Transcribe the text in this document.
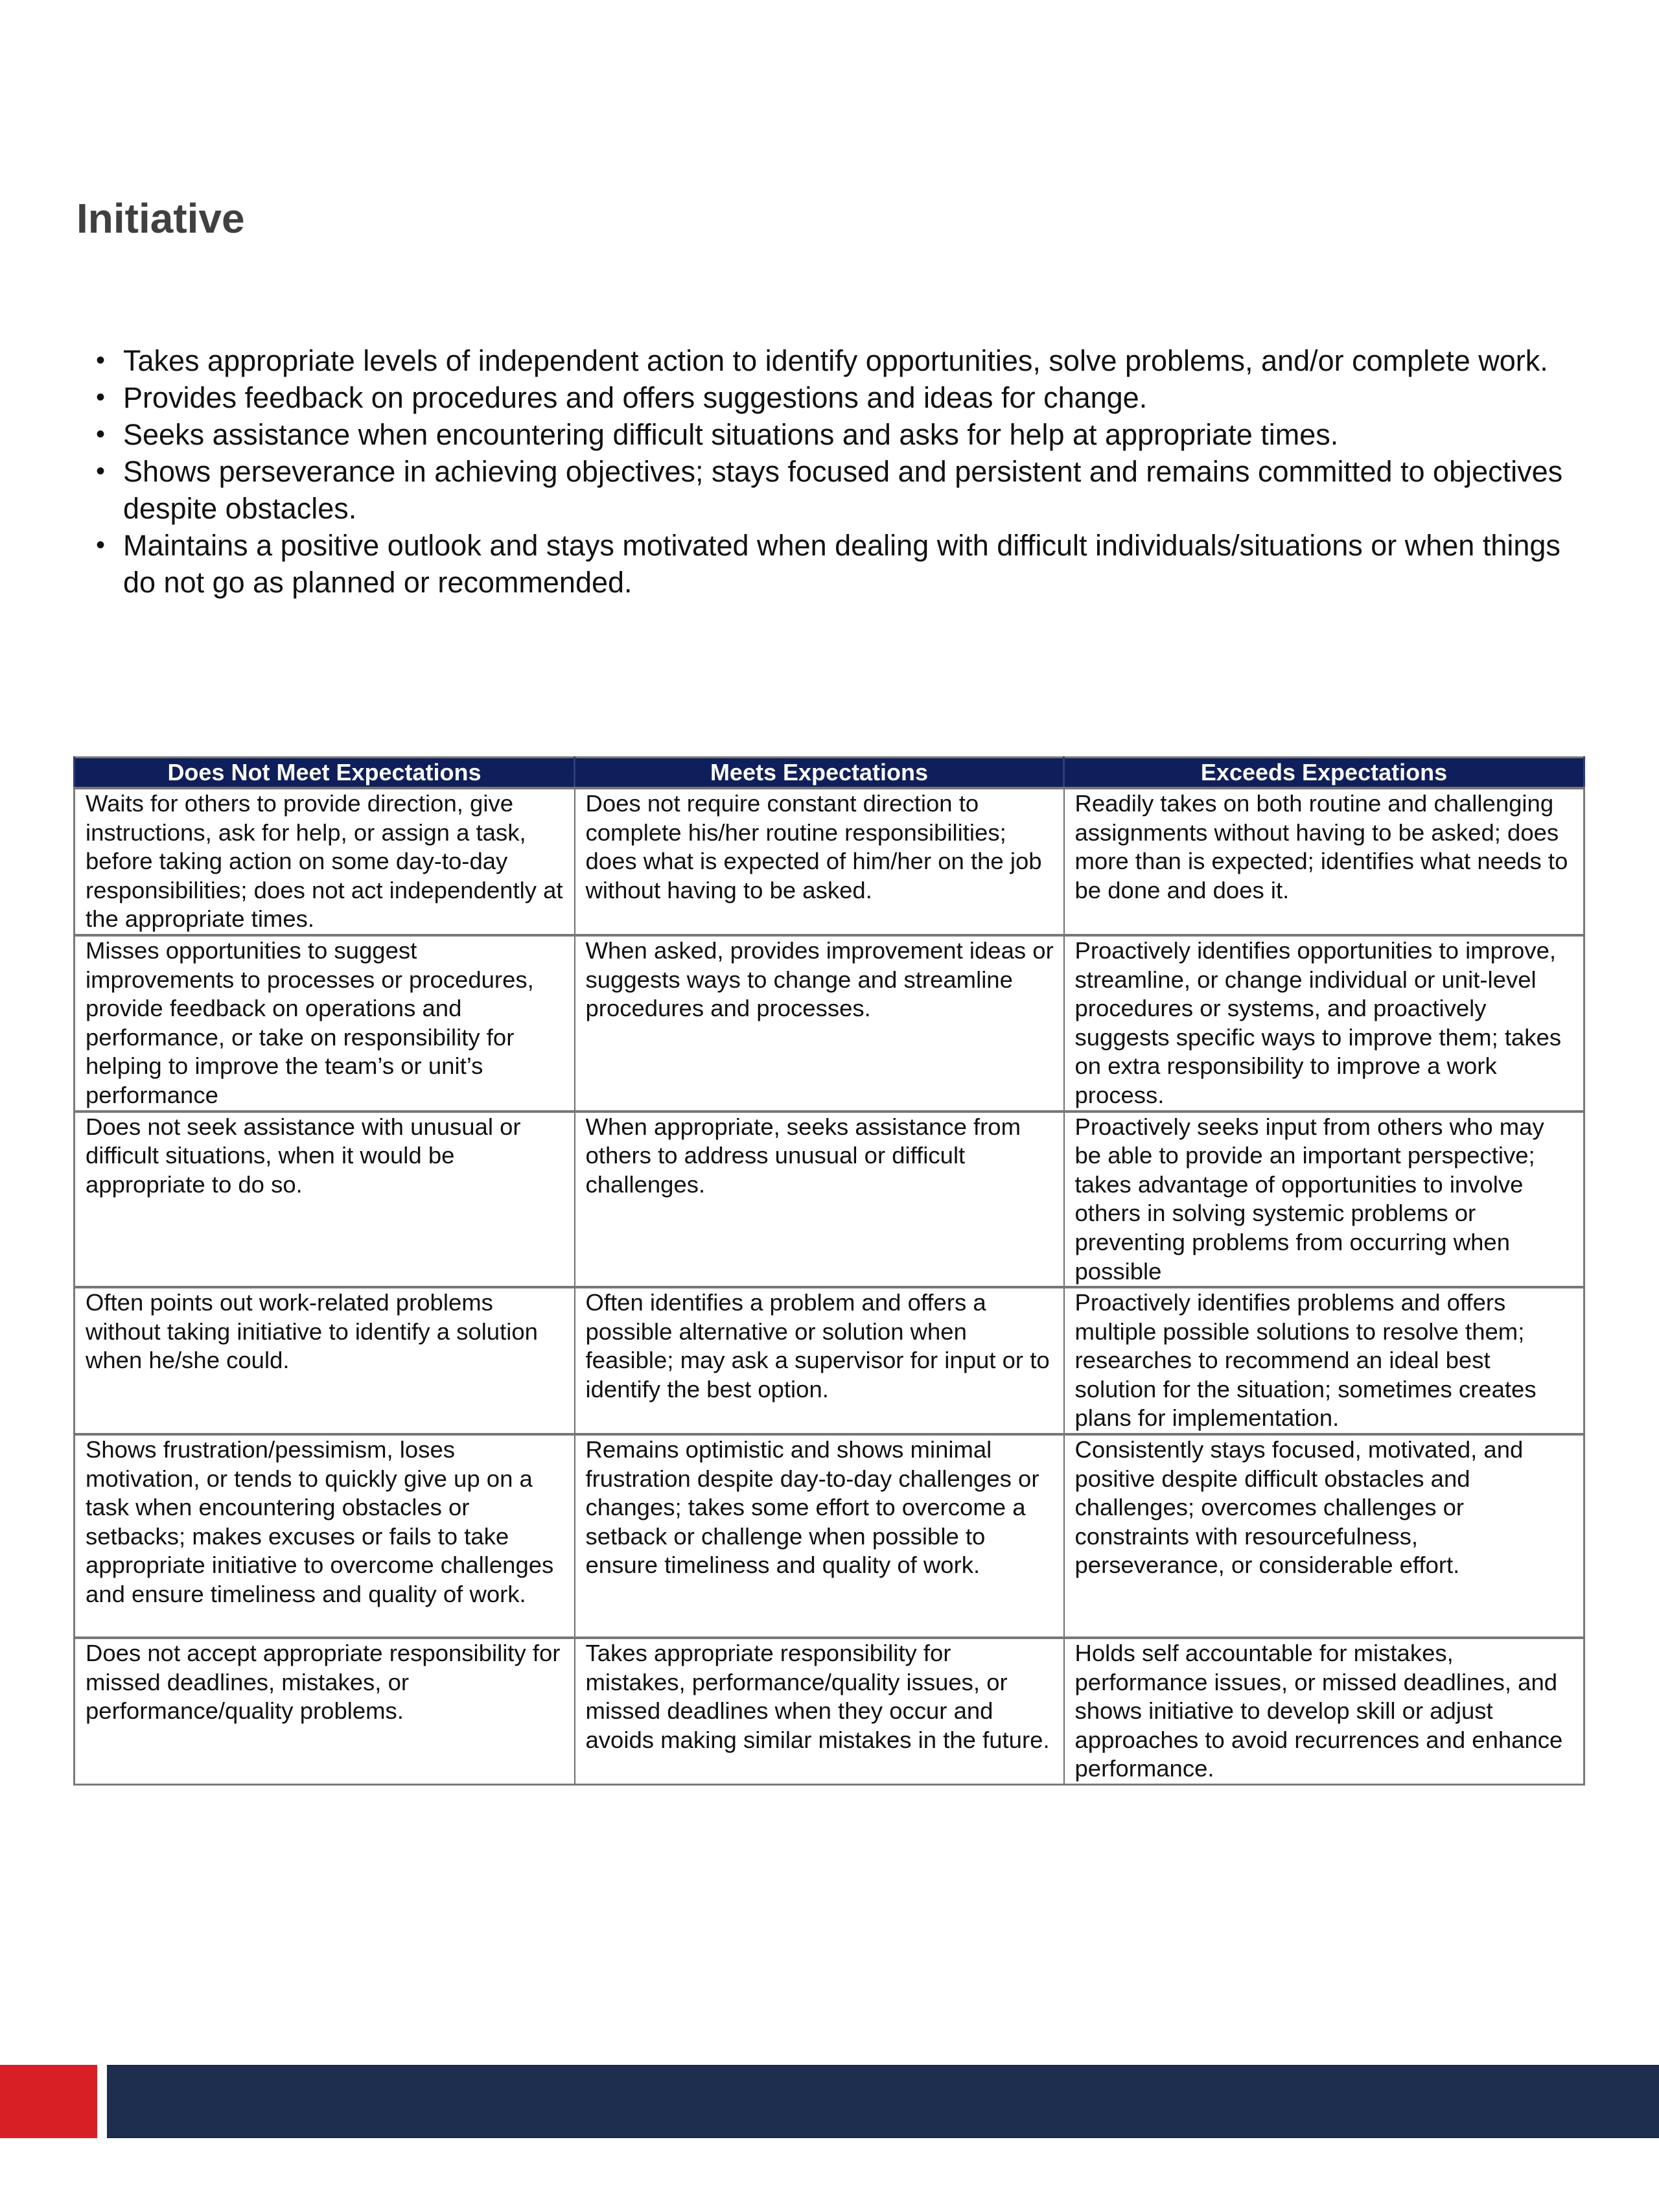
Initiative
• Takes appropriate levels of independent action to identify opportunities, solve problems, and/or complete work.
• Provides feedback on procedures and offers suggestions and ideas for change.
• Seeks assistance when encountering difficult situations and asks for help at appropriate times.
• Shows perseverance in achieving objectives; stays focused and persistent and remains committed to objectives despite obstacles.
• Maintains a positive outlook and stays motivated when dealing with difficult individuals/situations or when things do not go as planned or recommended.
Does Not Meet Expectations	Meets Expectations	Exceeds Expectations
Waits for others to provide direction, give instructions, ask for help, or assign a task, before taking action on some day-to-day responsibilities; does not act independently at the appropriate times.	Does not require constant direction to complete his/her routine responsibilities; does what is expected of him/her on the job without having to be asked.	Readily takes on both routine and challenging assignments without having to be asked; does more than is expected; identifies what needs to be done and does it.
Misses opportunities to suggest improvements to processes or procedures, provide feedback on operations and performance, or take on responsibility for helping to improve the team’s or unit’s performance	When asked, provides improvement ideas or suggests ways to change and streamline procedures and processes.	Proactively identifies opportunities to improve, streamline, or change individual or unit-level procedures or systems, and proactively suggests specific ways to improve them; takes on extra responsibility to improve a work process.
Does not seek assistance with unusual or difficult situations, when it would be appropriate to do so.	When appropriate, seeks assistance from others to address unusual or difficult challenges.	Proactively seeks input from others who may be able to provide an important perspective; takes advantage of opportunities to involve others in solving systemic problems or preventing problems from occurring when possible
Often points out work-related problems without taking initiative to identify a solution when he/she could.	Often identifies a problem and offers a possible alternative or solution when feasible; may ask a supervisor for input or to identify the best option.	Proactively identifies problems and offers multiple possible solutions to resolve them; researches to recommend an ideal best solution for the situation; sometimes creates plans for implementation.
Shows frustration/pessimism, loses motivation, or tends to quickly give up on a task when encountering obstacles or setbacks; makes excuses or fails to take appropriate initiative to overcome challenges and ensure timeliness and quality of work.	Remains optimistic and shows minimal frustration despite day-to-day challenges or changes; takes some effort to overcome a setback or challenge when possible to ensure timeliness and quality of work.	Consistently stays focused, motivated, and positive despite difficult obstacles and challenges; overcomes challenges or constraints with resourcefulness, perseverance, or considerable effort.
Does not accept appropriate responsibility for missed deadlines, mistakes, or performance/quality problems.	Takes appropriate responsibility for mistakes, performance/quality issues, or missed deadlines when they occur and avoids making similar mistakes in the future.	Holds self accountable for mistakes, performance issues, or missed deadlines, and shows initiative to develop skill or adjust approaches to avoid recurrences and enhance performance.
